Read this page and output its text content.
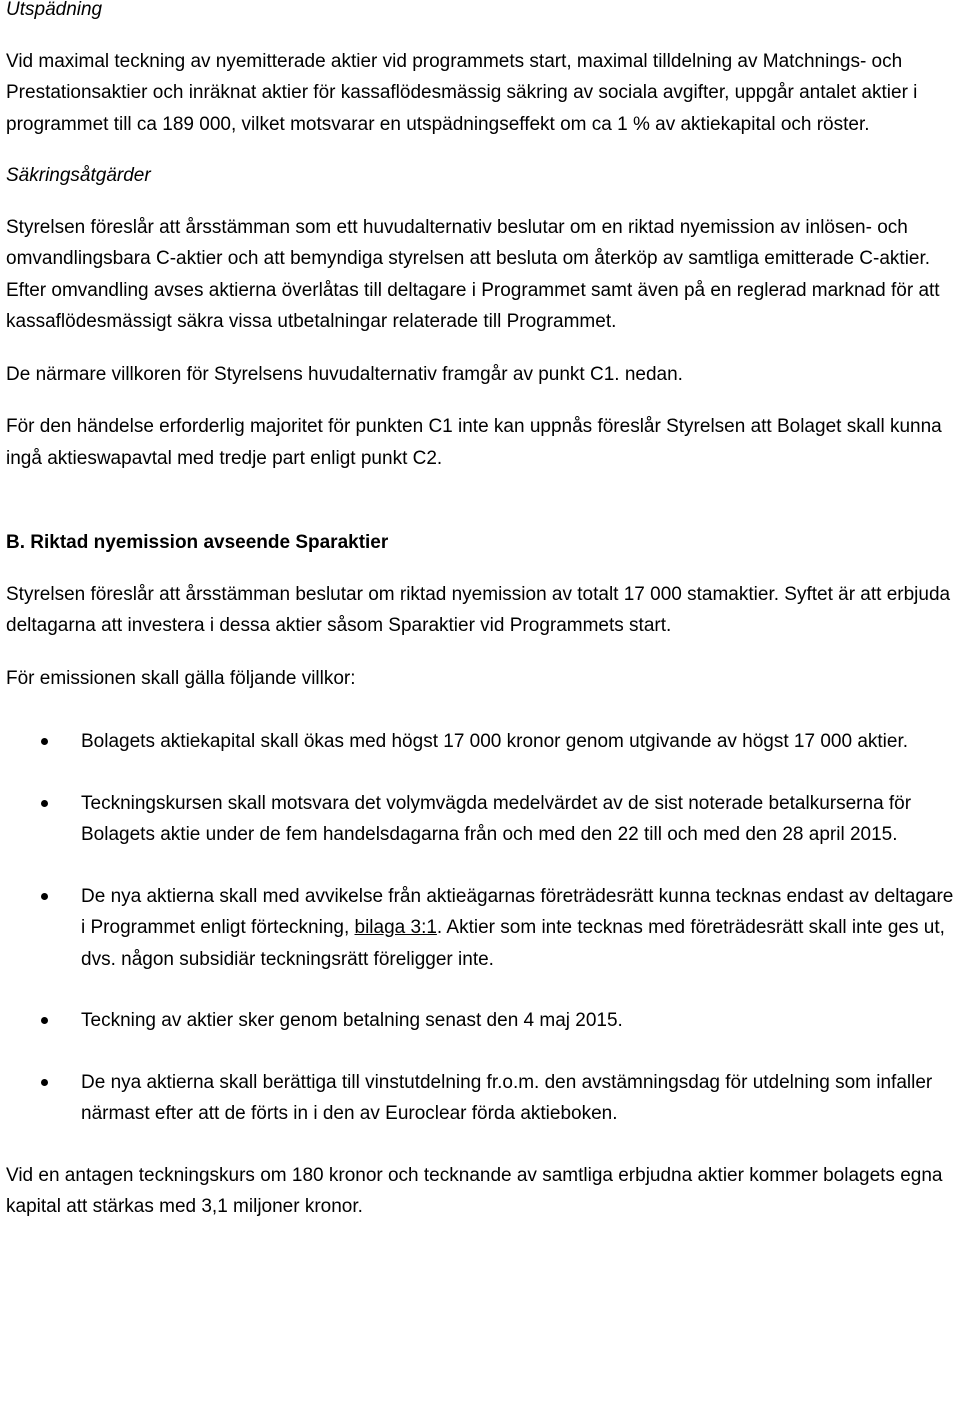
Utspädning

Vid maximal teckning av nyemitterade aktier vid programmets start, maximal tilldelning av Matchnings- och Prestationsaktier och inräknat aktier för kassaflödesmässig säkring av sociala avgifter, uppgår antalet aktier i programmet till ca 189 000, vilket motsvarar en utspädningseffekt om ca 1 % av aktiekapital och röster.

Säkringsåtgärder

Styrelsen föreslår att årsstämman som ett huvudalternativ beslutar om en riktad nyemission av inlösen- och omvandlingsbara C-aktier och att bemyndiga styrelsen att besluta om återköp av samtliga emitterade C-aktier. Efter omvandling avses aktierna överlåtas till deltagare i Programmet samt även på en reglerad marknad för att kassaflödesmässigt säkra vissa utbetalningar relaterade till Programmet.

De närmare villkoren för Styrelsens huvudalternativ framgår av punkt C1. nedan.

För den händelse erforderlig majoritet för punkten C1 inte kan uppnås föreslår Styrelsen att Bolaget skall kunna ingå aktieswapavtal med tredje part enligt punkt C2.

B. Riktad nyemission avseende Sparaktier

Styrelsen föreslår att årsstämman beslutar om riktad nyemission av totalt 17 000 stamaktier. Syftet är att erbjuda deltagarna att investera i dessa aktier såsom Sparaktier vid Programmets start.

För emissionen skall gälla följande villkor:

Bolagets aktiekapital skall ökas med högst 17 000 kronor genom utgivande av högst 17 000 aktier.
Teckningskursen skall motsvara det volymvägda medelvärdet av de sist noterade betalkurserna för Bolagets aktie under de fem handelsdagarna från och med den 22 till och med den 28 april 2015.
De nya aktierna skall med avvikelse från aktieägarnas företrädesrätt kunna tecknas endast av deltagare i Programmet enligt förteckning, bilaga 3:1. Aktier som inte tecknas med företrädesrätt skall inte ges ut, dvs. någon subsidiär teckningsrätt föreligger inte.
Teckning av aktier sker genom betalning senast den 4 maj 2015.
De nya aktierna skall berättiga till vinstutdelning fr.o.m. den avstämningsdag för utdelning som infaller närmast efter att de förts in i den av Euroclear förda aktieboken.

Vid en antagen teckningskurs om 180 kronor och tecknande av samtliga erbjudna aktier kommer bolagets egna kapital att stärkas med 3,1 miljoner kronor.
